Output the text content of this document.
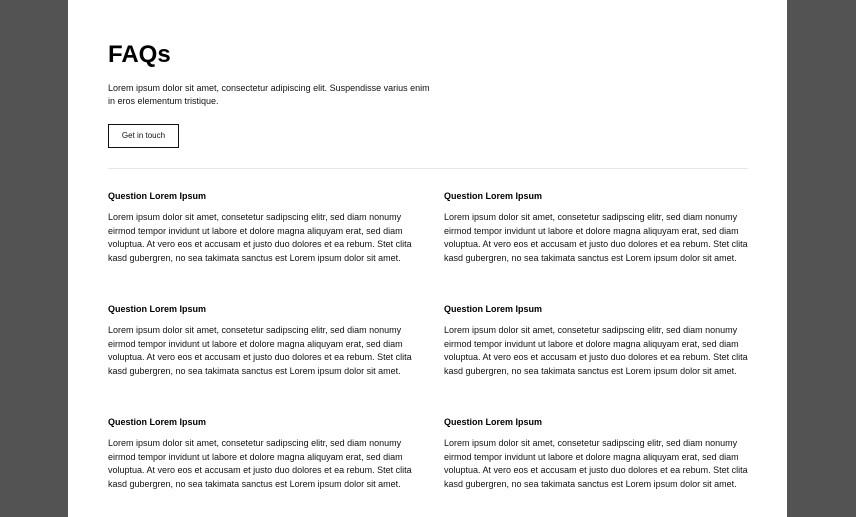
FAQs

Lorem ipsum dolor sit amet, consectetur adipiscing elit. Suspendisse varius enim in eros elementum tristique.

Get in touch
Question Lorem Ipsum

Lorem ipsum dolor sit amet, consetetur sadipscing elitr, sed diam nonumy eirmod tempor invidunt ut labore et dolore magna aliquyam erat, sed diam voluptua. At vero eos et accusam et justo duo dolores et ea rebum. Stet clita kasd gubergren, no sea takimata sanctus est Lorem ipsum dolor sit amet.

Question Lorem Ipsum

Lorem ipsum dolor sit amet, consetetur sadipscing elitr, sed diam nonumy eirmod tempor invidunt ut labore et dolore magna aliquyam erat, sed diam voluptua. At vero eos et accusam et justo duo dolores et ea rebum. Stet clita kasd gubergren, no sea takimata sanctus est Lorem ipsum dolor sit amet.

Question Lorem Ipsum

Lorem ipsum dolor sit amet, consetetur sadipscing elitr, sed diam nonumy eirmod tempor invidunt ut labore et dolore magna aliquyam erat, sed diam voluptua. At vero eos et accusam et justo duo dolores et ea rebum. Stet clita kasd gubergren, no sea takimata sanctus est Lorem ipsum dolor sit amet.

Question Lorem Ipsum

Lorem ipsum dolor sit amet, consetetur sadipscing elitr, sed diam nonumy eirmod tempor invidunt ut labore et dolore magna aliquyam erat, sed diam voluptua. At vero eos et accusam et justo duo dolores et ea rebum. Stet clita kasd gubergren, no sea takimata sanctus est Lorem ipsum dolor sit amet.

Question Lorem Ipsum

Lorem ipsum dolor sit amet, consetetur sadipscing elitr, sed diam nonumy eirmod tempor invidunt ut labore et dolore magna aliquyam erat, sed diam voluptua. At vero eos et accusam et justo duo dolores et ea rebum. Stet clita kasd gubergren, no sea takimata sanctus est Lorem ipsum dolor sit amet.

Question Lorem Ipsum

Lorem ipsum dolor sit amet, consetetur sadipscing elitr, sed diam nonumy eirmod tempor invidunt ut labore et dolore magna aliquyam erat, sed diam voluptua. At vero eos et accusam et justo duo dolores et ea rebum. Stet clita kasd gubergren, no sea takimata sanctus est Lorem ipsum dolor sit amet.
